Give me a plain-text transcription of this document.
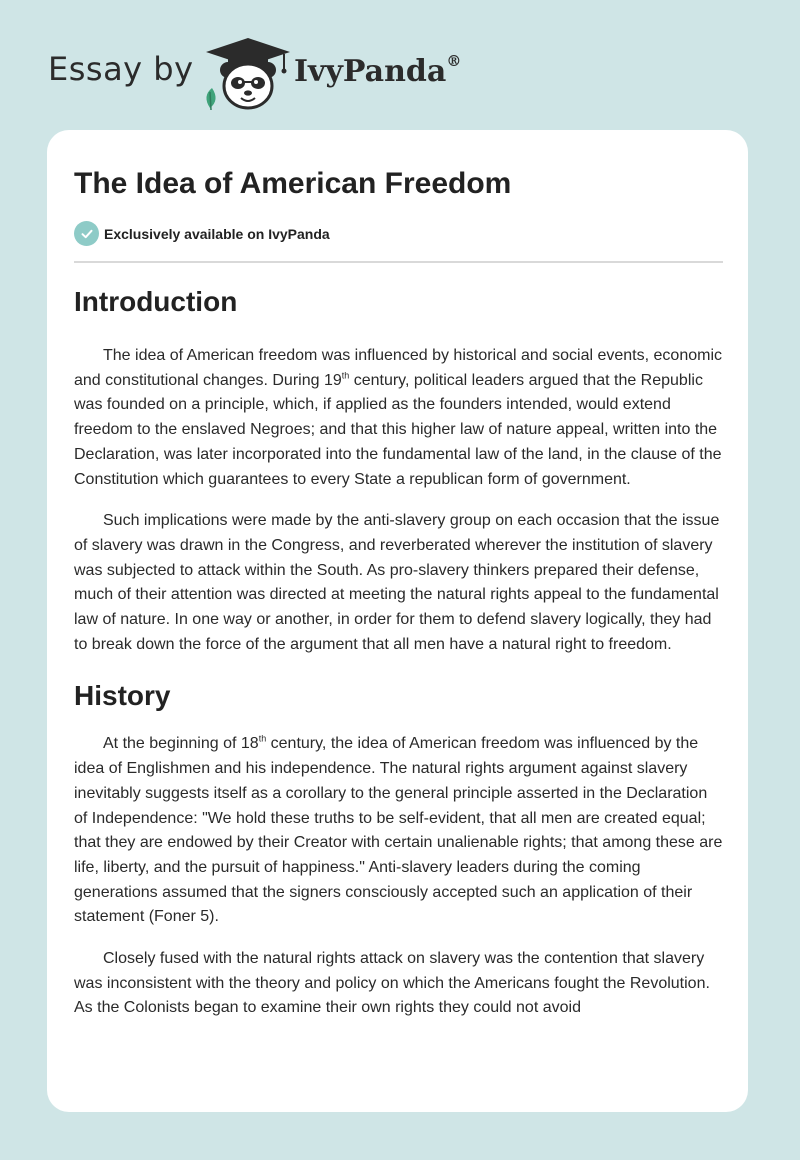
Essay by	IvyPanda®
The Idea of American Freedom
Exclusively available on IvyPanda
Introduction

The idea of American freedom was influenced by historical and social events, economic and constitutional changes. During 19th century, political leaders argued that the Republic was founded on a principle, which, if applied as the founders intended, would extend freedom to the enslaved Negroes; and that this higher law of nature appeal, written into the Declaration, was later incorporated into the fundamental law of the land, in the clause of the Constitution which guarantees to every State a republican form of government.

Such implications were made by the anti-slavery group on each occasion that the issue of slavery was drawn in the Congress, and reverberated wherever the institution of slavery was subjected to attack within the South. As pro-slavery thinkers prepared their defense, much of their attention was directed at meeting the natural rights appeal to the fundamental law of nature. In one way or another, in order for them to defend slavery logically, they had to break down the force of the argument that all men have a natural right to freedom.

History

At the beginning of 18th century, the idea of American freedom was influenced by the idea of Englishmen and his independence. The natural rights argument against slavery inevitably suggests itself as a corollary to the general principle asserted in the Declaration of Independence: "We hold these truths to be self-evident, that all men are created equal; that they are endowed by their Creator with certain unalienable rights; that among these are life, liberty, and the pursuit of happiness." Anti-slavery leaders during the coming generations assumed that the signers consciously accepted such an application of their statement (Foner 5).

Closely fused with the natural rights attack on slavery was the contention that slavery was inconsistent with the theory and policy on which the Americans fought the Revolution. As the Colonists began to examine their own rights they could not avoid
